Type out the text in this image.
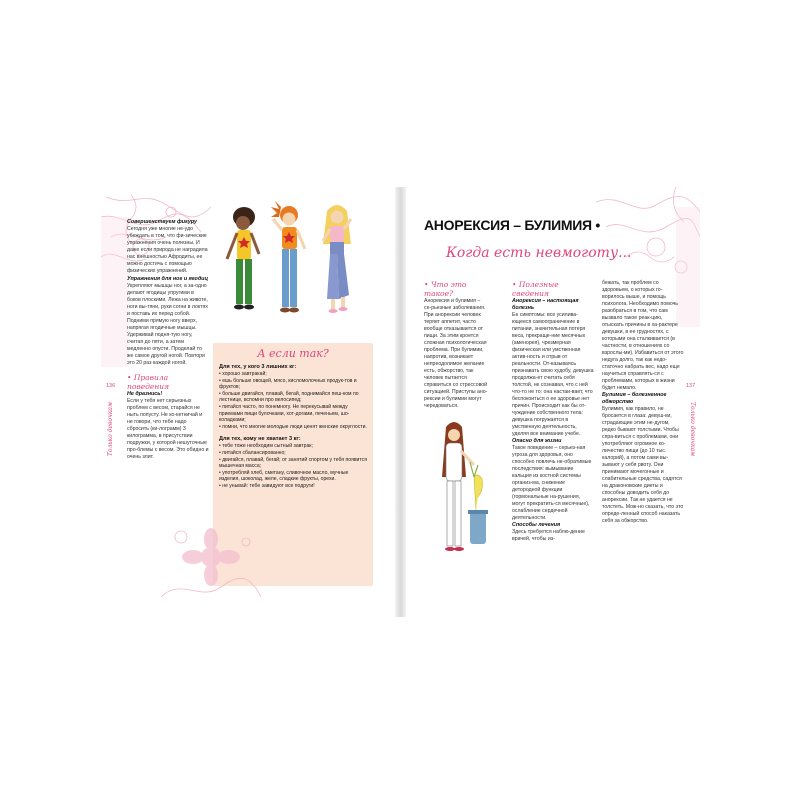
136
Только девочкам
Совершенствуем фигуру
Сегодня уже многие не-удо убеждать в том, что фи-зические упражнения очень полезны. И даже если природа не наградила нас внешностью Афродиты, ее можно достичь с помощью физических упражнений.
Упражнения для ног и ягодиц
Укрепляют мышцы ног, а за-одно делают ягодицы упругими в боков плоскими. Лежа на животе, ноги вы-тяни, руки согни в локтях и поставь их перед собой. Подними прямую ногу вверх, напрягая ягодичные мышцы. Удерживай подня-тую ногу, считая до пяти, а затем медленно опусти. Проделай то же самое другой ногой. Повтори это 20 раз каждой ногой.
• Правила поведения
Не дразнись!
Если у тебя нет серьезных проблем с весом, старайся не ныть попусту. Не ко-кетничай и не говори, что тебе надо сбросить (ки-лограмм) 3 килограмма, в присутствии подружки, у которой нешуточные про-блемы с весом. Это обидно и очень злит.
А если так?
Для тех, у кого 3 лишних кг:
• хорошо завтракай;
• ешь больше овощей, мясо, кисломолочных продук-тов и фруктов;
• больше двигайся, плавай, бегай, поднимайся пеш-ком по лестнице, вспомни про велосипед;
• питайся часто, по понемногу. Не перекусывай между приемами пищи булочками, хот-догами, печеньем, шо-коладками;
• помни, что многие молодые люди ценят женские округлости.
Для тех, кому не хватает 3 кг:
• тебе тоже необходим сытный завтрак;
• питайся сбалансированно;
• двигайся, плавай, бегай; от занятий спортом у тебя появится мышечная масса;
• употребляй хлеб, сметану, сливочное масло, мучные изделия, шоколад, желе, сладкие фрукты, орехи.
• не унывай: тебе завидуют все подруги!
АНОРЕКСИЯ – БУЛИМИЯ •
Когда есть невмоготу...
• Что это такое?
Анорексия и булимия – се-рьезные заболевания. При анорексии человек теряет аппетит, часто вообще отказывается от пищи. За этим кроется сложная психологическая проблема. При булимии, напротив, возникает непреодолимое желание есть, обжорство, так человек пытается справиться со стрессовой ситуацией. Приступы ано-рексии и булимии могут чередоваться.
• Полезные сведения
Анорексия – настоящая болезнь
Ее симптомы: все усилива-ющееся самоограничение в питании, значительная потеря веса, прекраще-ние месячных (аменорея), чрезмерная физическая или умственная актив-ность и отрыв от реальности. От-казываясь признавать свою худобу, девушка продолжа-ет считать себя толстой, не сознавая, что с ней что-то не то: она настаи-вает, что беспокоиться о ее здоровье нет причин. Происходит как бы от-чуждение собственного тела: девушка погружается в умственную деятельность, уделяя все внимание учебе.
Опасно для жизни
Такое поведение – серьез-ная угроза для здоровья, оно способно повлечь не-обратимые последствия: вымывание кальция из костной системы организ-ма, снижение детородной функции (гормональные на-рушения, могут прекратить-ся месячные), ослабление сердечной деятельности.
Способы лечения
Здесь требуется наблю-дение врачей, чтобы из-
бежать, так проблем со здоровьем, о которых го-ворилось выше, и помощь психолога. Необходимо помочь разобраться в том, что сам вызвало такое реак-цию, отыскать причины в ха-рактере девушки, в ее грудностях, с которыми она сталкивается (в частности, в отношениях со взрослы-ми). Избавиться от этого недуга долго, так как недо-статочно набрать вес, надо еще научиться справлять-ся с проблемами, которых в жизни будет немало.
Булимия – болезненное обжорство
Булимия, как правило, не бросается в глаза: девуш-ки, страдающие этим не-дугом, редко бывают толстыми. Чтобы спра-виться с проблемами, они употребляют огромное ко-личество пищи (до 10 тыс. калорий), а потом сами вы-зывают у себя рвоту. Они принимают мочегонные и слабительные средства, садятся на драконовские диеты и способны доводить себя до анорексии. Так не удается не толстеть. Мож-но сказать, что это опреде-ленный способ наказать себя за обжорство.
137
Только девочкам
